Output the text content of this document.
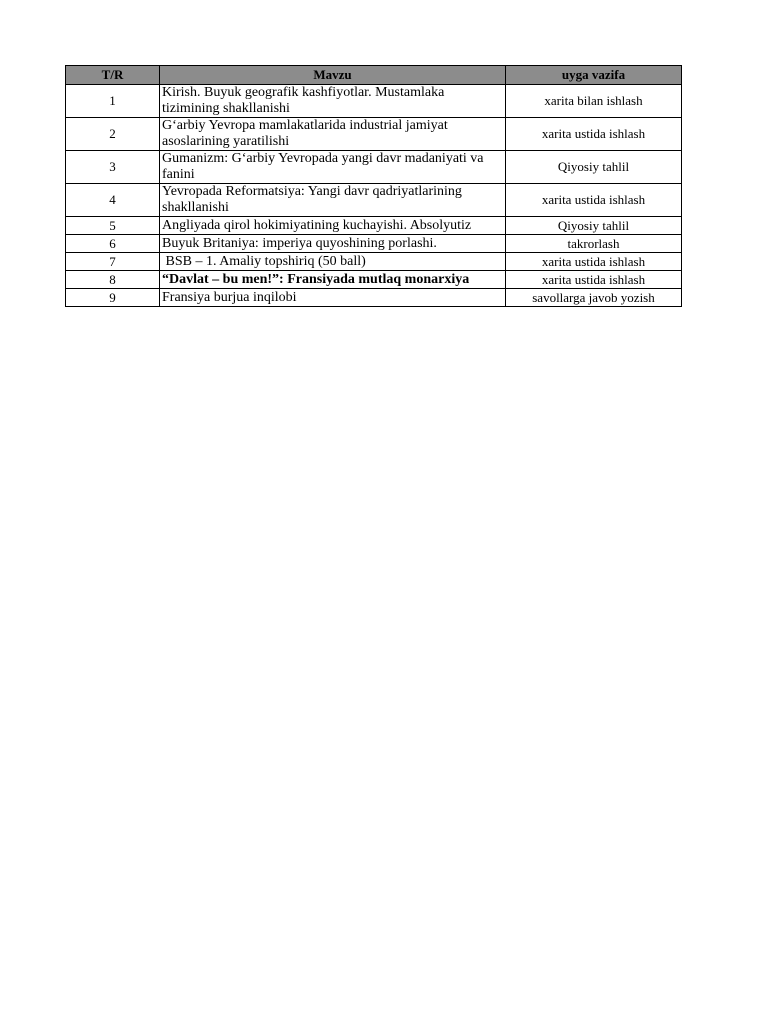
T/R	Mavzu	uyga vazifa
1	Kirish. Buyuk geografik kashfiyotlar. Mustamlaka tizimining shakllanishi	xarita bilan ishlash
2	G‘arbiy Yevropa mamlakatlarida industrial jamiyat asoslarining yaratilishi	xarita ustida ishlash
3	Gumanizm: G‘arbiy Yevropada yangi davr madaniyati va fanini	Qiyosiy tahlil
4	Yevropada Reformatsiya: Yangi davr qadriyatlarining shakllanishi	xarita ustida ishlash
5	Angliyada qirol hokimiyatining kuchayishi. Absolyutiz	Qiyosiy tahlil
6	Buyuk Britaniya: imperiya quyoshining porlashi.	takrorlash
7	BSB – 1. Amaliy topshiriq (50 ball)	xarita ustida ishlash
8	“Davlat – bu men!”: Fransiyada mutlaq monarxiya	xarita ustida ishlash
9	Fransiya burjua inqilobi	savollarga javob yozish
